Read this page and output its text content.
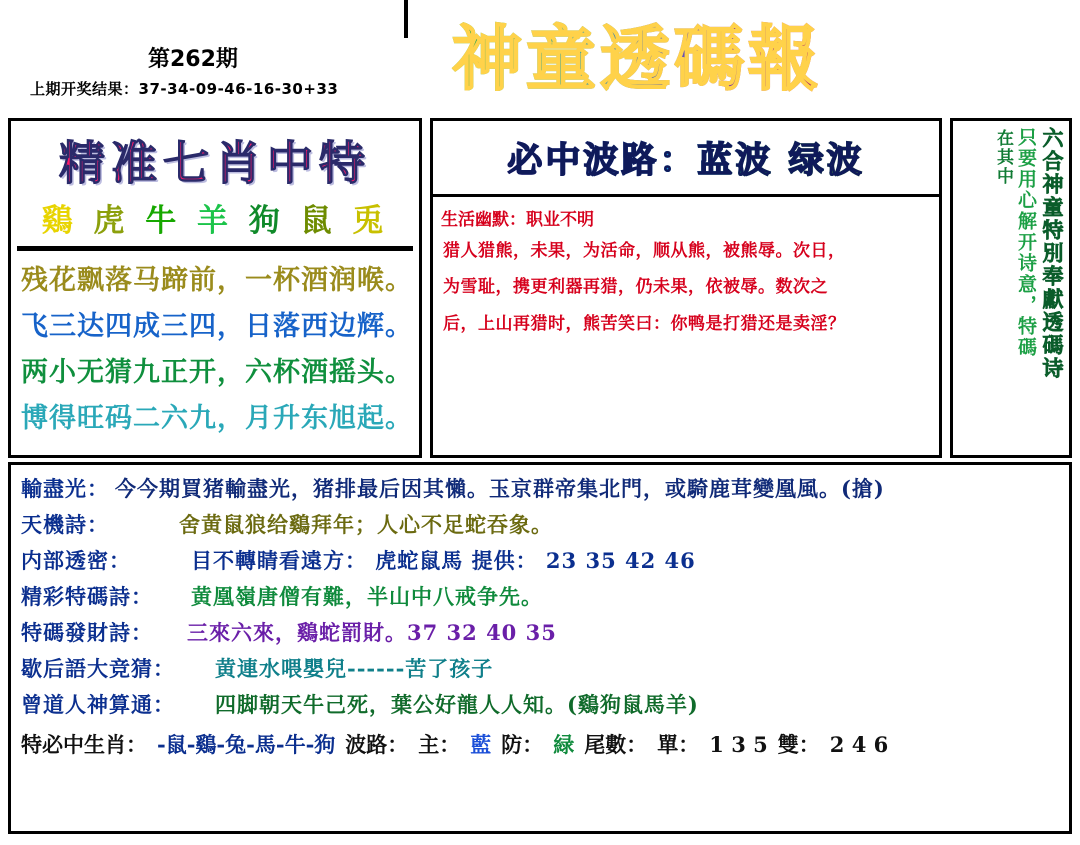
第262期
上期开奖结果：37-34-09-46-16-30+33 神童透碼報
精准七肖中特
鷄 虎 牛 羊 狗 鼠 兎
残花飘落马蹄前，一杯酒润喉。
飞三达四成三四，日落西边辉。
两小无猜九正开，六杯酒摇头。
博得旺码二六九，月升东旭起。
必中波路：蓝波 绿波
生活幽默：职业不明

猎人猎熊，未果，为活命，顺从熊，被熊辱。次日，

为雪耻，携更利器再猎，仍未果，依被辱。数次之

后，上山再猎时，熊苦笑曰：你鸭是打猎还是卖淫？	六合神童特別奉獻透碼诗
只要用心解开诗意，特碼
在其中
輸盡光： 今今期買猪輸盡光，猪排最后因其懶。玉京群帝集北門，或騎鹿茸變凰風。(搶)
天機詩：	舍黄鼠狼给鷄拜年；人心不足蛇吞象。
内部透密：	目不轉睛看遠方： 虎蛇鼠馬 提供： 23 35 42 46
精彩特碼詩：	黄凰嶺唐僧有難，半山中八戒争先。
特碼發財詩：	三來六來，鷄蛇罰財。37 32 40 35
歇后語大竞猜：	黄連水喂嬰兒------苦了孩子
曾道人神算通：	四脚朝天牛己死，葉公好龍人人知。(鷄狗鼠馬羊)
特必中生肖： -鼠-鷄-兔-馬-牛-狗 波路： 主： 藍 防： 緑 尾數： 單： 1 3 5 雙： 2 4 6
